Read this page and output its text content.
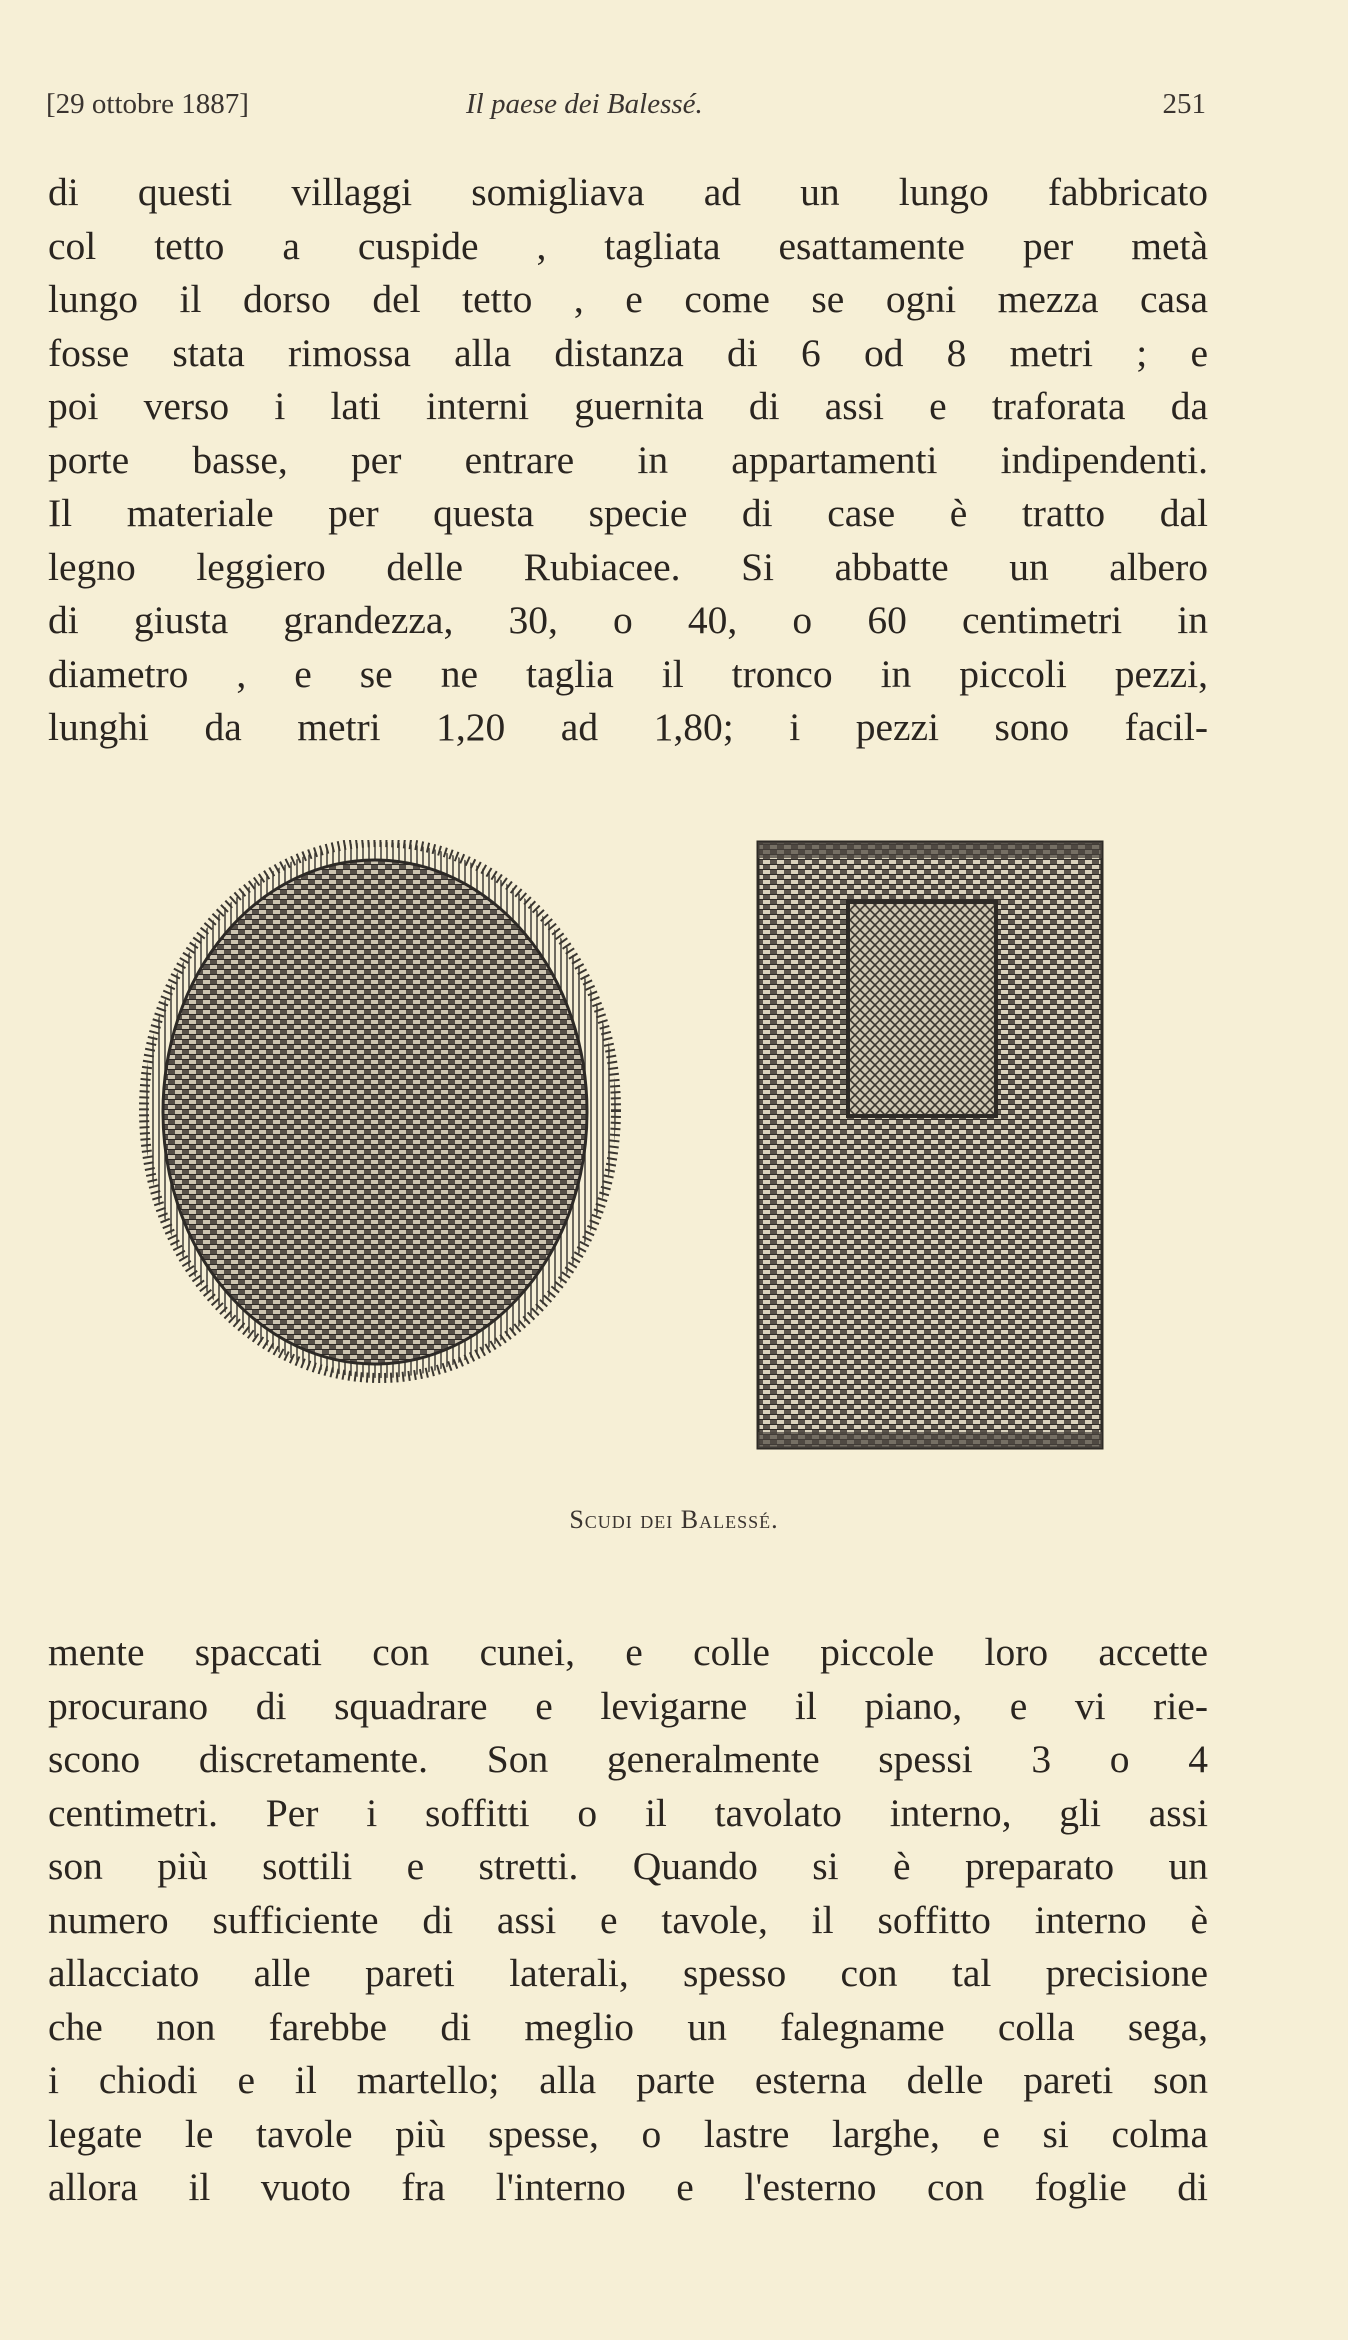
[29 ottobre 1887]	Il paese dei Balessé.	251
di questi villaggi somigliava ad un lungo fabbricato
col tetto a cuspide , tagliata esattamente per metà
lungo il dorso del tetto , e come se ogni mezza casa
fosse stata rimossa alla distanza di 6 od 8 metri ; e
poi verso i lati interni guernita di assi e traforata da
porte basse, per entrare in appartamenti indipendenti.
Il materiale per questa specie di case è tratto dal
legno leggiero delle Rubiacee. Si abbatte un albero
di giusta grandezza, 30, o 40, o 60 centimetri in
diametro , e se ne taglia il tronco in piccoli pezzi,
lunghi da metri 1,20 ad 1,80; i pezzi sono facil-
Scudi dei Balessé.
mente spaccati con cunei, e colle piccole loro accette
procurano di squadrare e levigarne il piano, e vi rie-
scono discretamente. Son generalmente spessi 3 o 4
centimetri. Per i soffitti o il tavolato interno, gli assi
son più sottili e stretti. Quando si è preparato un
numero sufficiente di assi e tavole, il soffitto interno è
allacciato alle pareti laterali, spesso con tal precisione
che non farebbe di meglio un falegname colla sega,
i chiodi e il martello; alla parte esterna delle pareti son
legate le tavole più spesse, o lastre larghe, e si colma
allora il vuoto fra l'interno e l'esterno con foglie di
